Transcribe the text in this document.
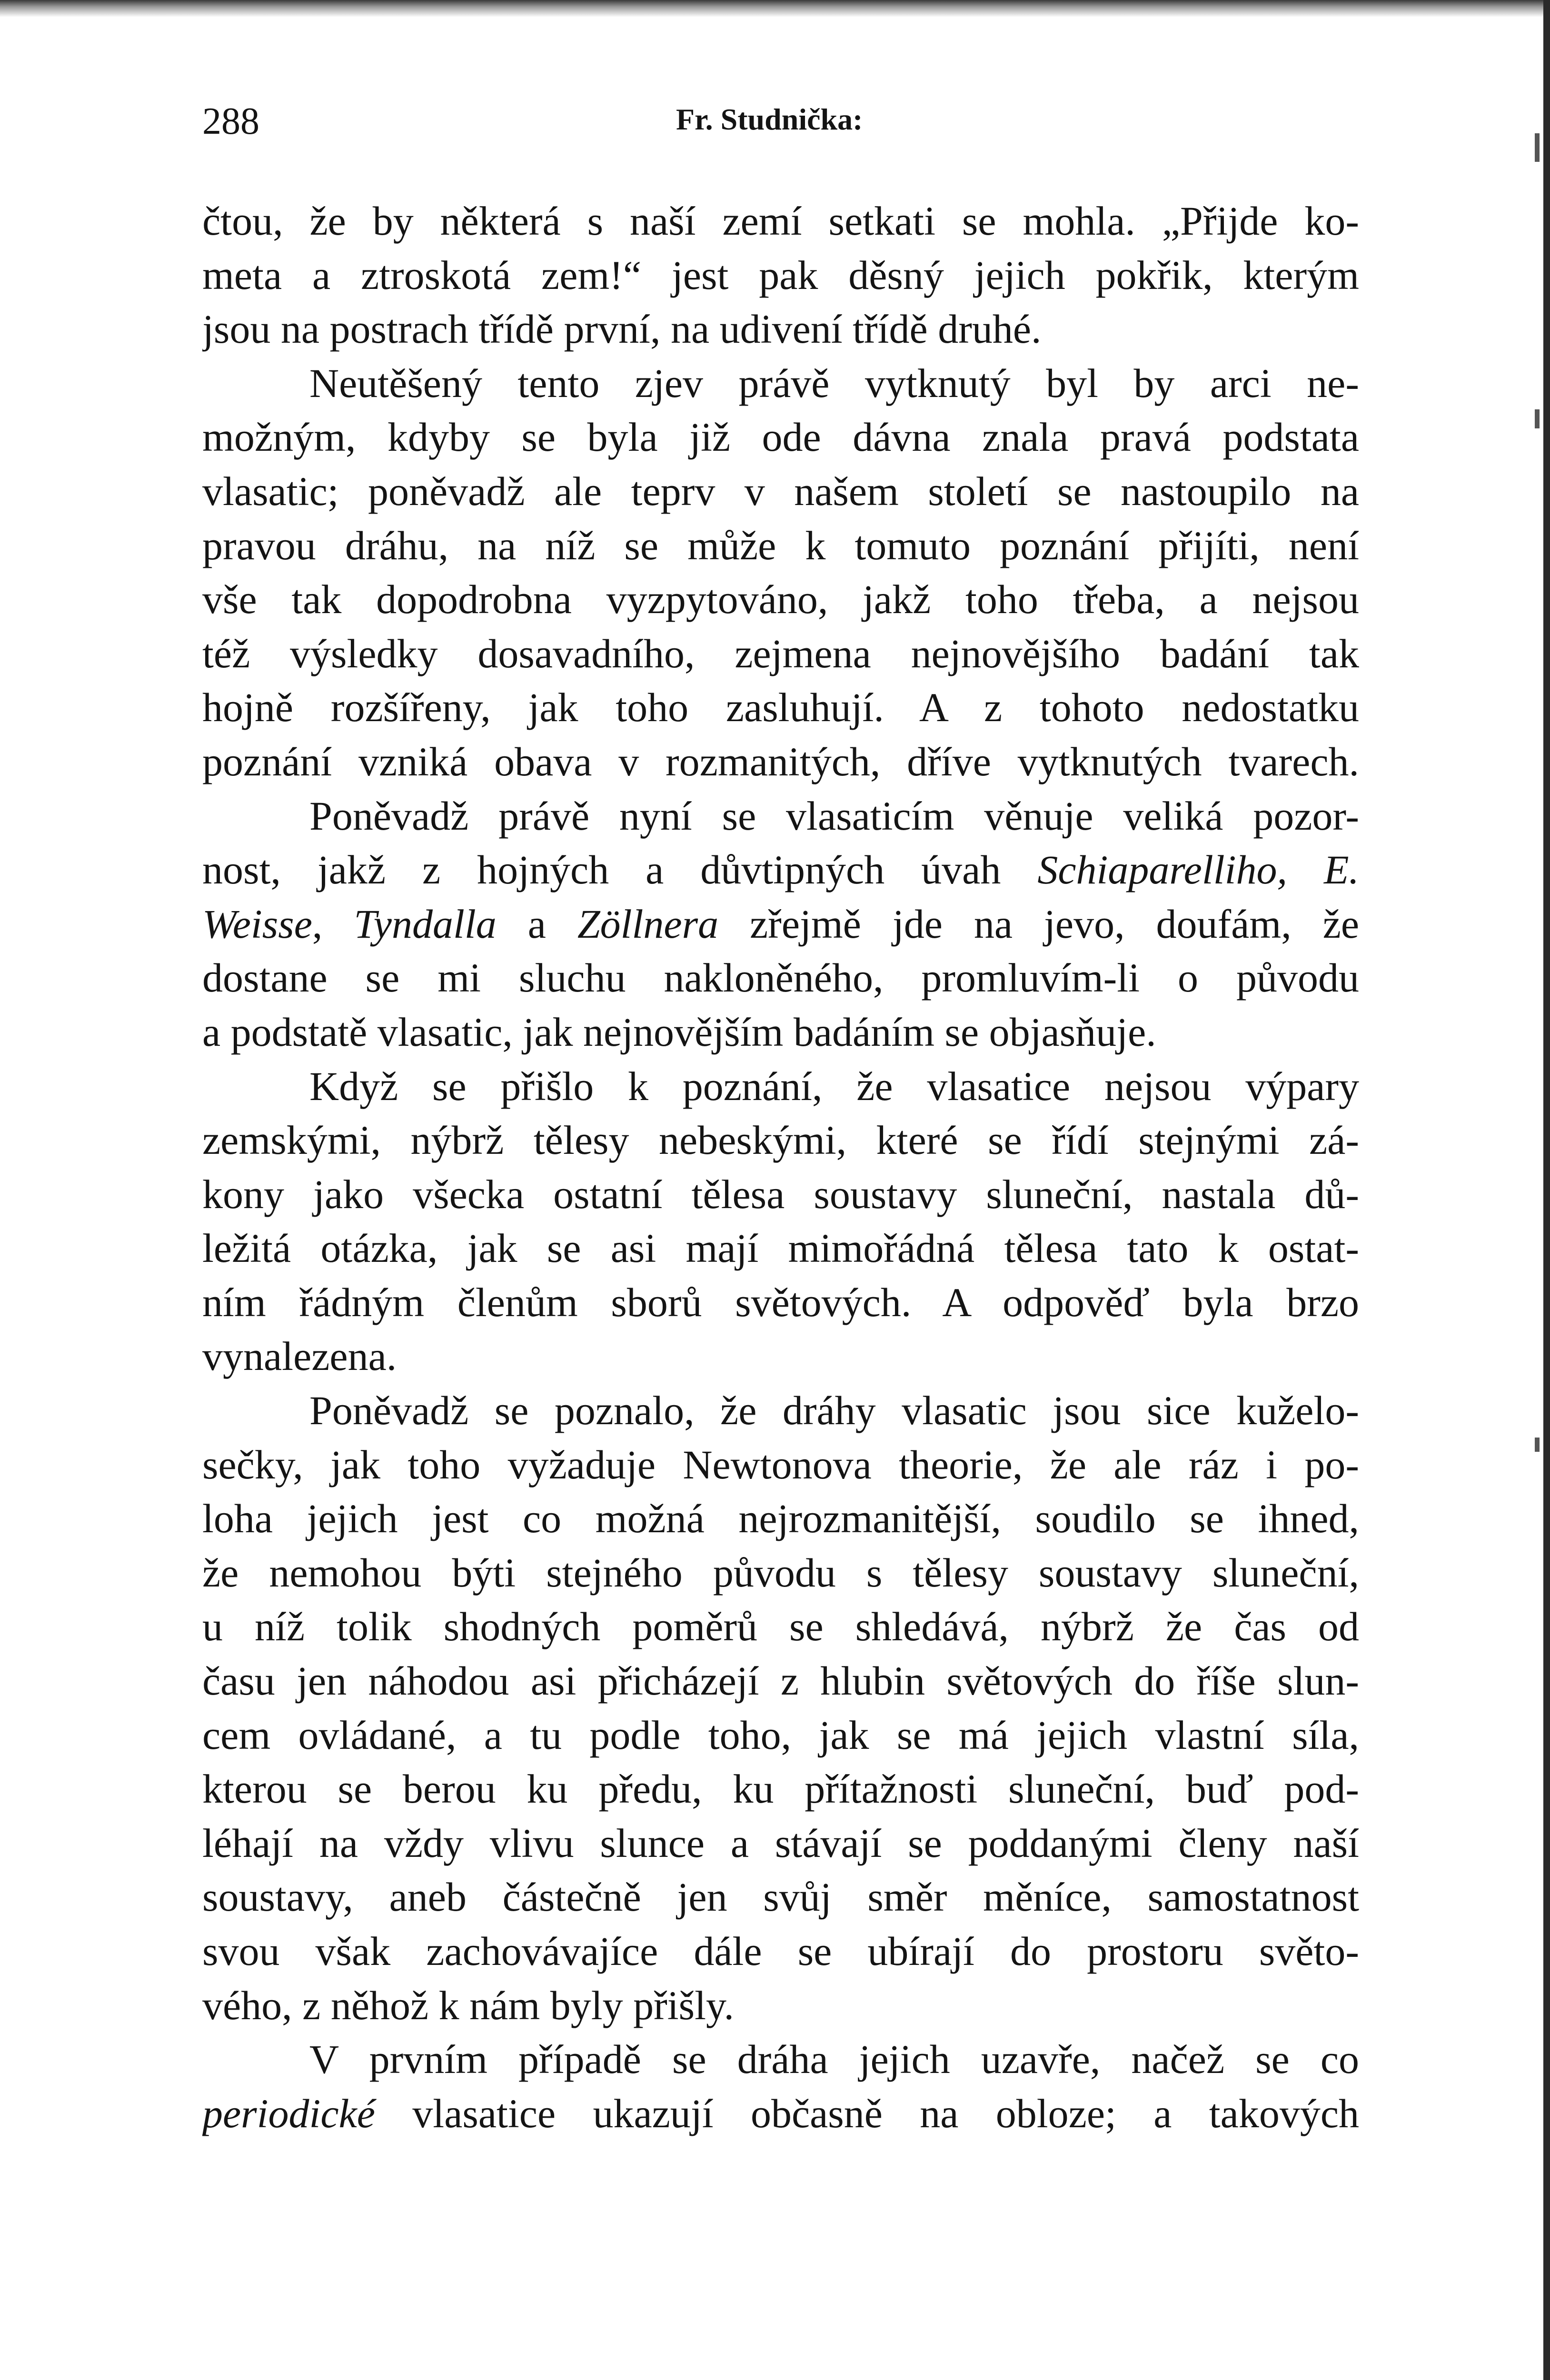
288	Fr. Studnička:
čtou, že by některá s naší zemí setkati se mohla. „Přijde ko-
meta a ztroskotá zem!“ jest pak děsný jejich pokřik, kterým
jsou na postrach třídě první, na udivení třídě druhé.
Neutěšený tento zjev právě vytknutý byl by arci ne-
možným, kdyby se byla již ode dávna znala pravá podstata
vlasatic; poněvadž ale teprv v našem století se nastoupilo na
pravou dráhu, na níž se může k tomuto poznání přijíti, není
vše tak dopodrobna vyzpytováno, jakž toho třeba, a nejsou
též výsledky dosavadního, zejmena nejnovějšího badání tak
hojně rozšířeny, jak toho zasluhují. A z tohoto nedostatku
poznání vzniká obava v rozmanitých, dříve vytknutých tvarech.
Poněvadž právě nyní se vlasaticím věnuje veliká pozor-
nost, jakž z hojných a důvtipných úvah Schiaparelliho, E.
Weisse, Tyndalla a Zöllnera zřejmě jde na jevo, doufám, že
dostane se mi sluchu nakloněného, promluvím-li o původu
a podstatě vlasatic, jak nejnovějším badáním se objasňuje.
Když se přišlo k poznání, že vlasatice nejsou výpary
zemskými, nýbrž tělesy nebeskými, které se řídí stejnými zá-
kony jako všecka ostatní tělesa soustavy sluneční, nastala dů-
ležitá otázka, jak se asi mají mimořádná tělesa tato k ostat-
ním řádným členům sborů světových. A odpověď byla brzo
vynalezena.
Poněvadž se poznalo, že dráhy vlasatic jsou sice kuželo-
sečky, jak toho vyžaduje Newtonova theorie, že ale ráz i po-
loha jejich jest co možná nejrozmanitější, soudilo se ihned,
že nemohou býti stejného původu s tělesy soustavy sluneční,
u níž tolik shodných poměrů se shledává, nýbrž že čas od
času jen náhodou asi přicházejí z hlubin světových do říše slun-
cem ovládané, a tu podle toho, jak se má jejich vlastní síla,
kterou se berou ku předu, ku přítažnosti sluneční, buď pod-
léhají na vždy vlivu slunce a stávají se poddanými členy naší
soustavy, aneb částečně jen svůj směr měníce, samostatnost
svou však zachovávajíce dále se ubírají do prostoru světo-
vého, z něhož k nám byly přišly.
V prvním případě se dráha jejich uzavře, načež se co
periodické vlasatice ukazují občasně na obloze; a takových
